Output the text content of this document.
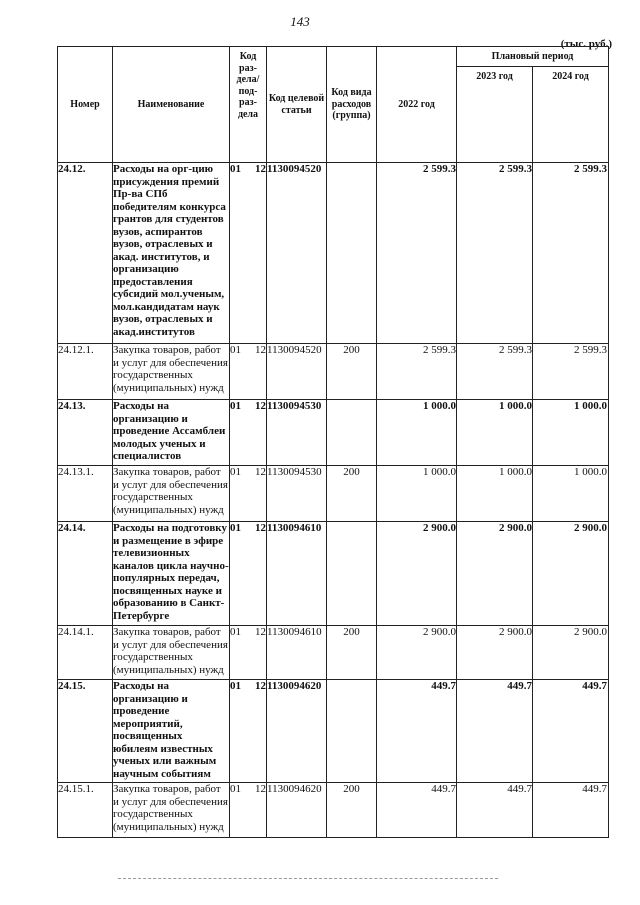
143
(тыс. руб.)
Номер	Наименование	Код раз-дела/ под-раз-дела	Код целевой статьи	Код вида расходов (группа)	2022 год	Плановый период	
						2023 год	2024 год
24.12.	Расходы на орг-цию присуждения премий Пр-ва СПб победителям конкурса грантов для студентов вузов, аспирантов вузов, отраслевых и акад. институтов, и организацию предоставления субсидий мол.ученым, мол.кандидатам наук вузов, отраслевых и акад.институтов	01 12	1130094520		2 599.3	2 599.3	2 599.3
24.12.1.	Закупка товаров, работ и услуг для обеспечения государственных (муниципальных) нужд	01 12	1130094520	200	2 599.3	2 599.3	2 599.3
24.13.	Расходы на организацию и проведение Ассамблеи молодых ученых и специалистов	01 12	1130094530		1 000.0	1 000.0	1 000.0
24.13.1.	Закупка товаров, работ и услуг для обеспечения государственных (муниципальных) нужд	01 12	1130094530	200	1 000.0	1 000.0	1 000.0
24.14.	Расходы на подготовку и размещение в эфире телевизионных каналов цикла научно-популярных передач, посвященных науке и образованию в Санкт-Петербурге	01 12	1130094610		2 900.0	2 900.0	2 900.0
24.14.1.	Закупка товаров, работ и услуг для обеспечения государственных (муниципальных) нужд	01 12	1130094610	200	2 900.0	2 900.0	2 900.0
24.15.	Расходы на организацию и проведение мероприятий, посвященных юбилеям известных ученых или важным научным событиям	01 12	1130094620		449.7	449.7	449.7
24.15.1.	Закупка товаров, работ и услуг для обеспечения государственных (муниципальных) нужд	01 12	1130094620	200	449.7	449.7	449.7
